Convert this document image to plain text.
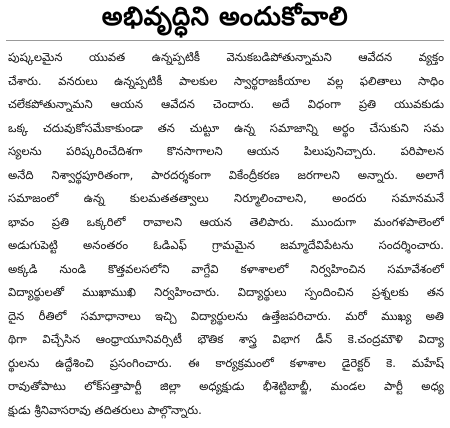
అభివృద్ధిని అందుకోవాలి
పుష్కలమైన యువత ఉన్నప్పటికీ వెనుకబడిపోతున్నామని ఆవేదన వ్యక్తం
చేశారు. వనరులు ఉన్నప్పటికీ పాలకుల స్వార్థరాజకీయాల వల్ల ఫలితాలు సాధిం
చలేకపోతున్నామని ఆయన ఆవేదన చెందారు. అదే విధంగా ప్రతి యువకుడు
ఒక్క చదువుకోసమేకాకుండా తన చుట్టూ ఉన్న సమాజాన్ని అర్థం చేసుకుని సమ
స్యలను పరిష్కరించేదిశగా కొనసాగాలని ఆయన పిలుపునిచ్చారు. పరిపాలన
అనేది నిశ్వార్థపూరితంగా, పారదర్శకంగా వికేంద్రీకరణ జరగాలని అన్నారు. అలాగే
సమాజంలో ఉన్న కులమతతత్వాలు నిర్మూలించాలని, అందరు సమానమనే
భావం ప్రతి ఒక్కరిలో రావాలని ఆయన తెలిపారు. ముందుగా మంగళపాలెంలో
అడుగుపెట్టి అనంతరం ఓడిఎఫ్ గ్రామమైన జమ్మాదేవిపేటను సందర్శించారు.
అక్కడి నుండి కొత్తవలసలోని వాగ్దేవి కళాశాలలో నిర్వహించిన సమావేశంలో
విద్యార్థులతో ముఖాముఖి నిర్వహించారు. విద్యార్థులు స్పందించిన ప్రశ్నలకు తన
దైన రీతిలో సమాధానాలు ఇచ్చి విద్యార్థులను ఉత్తేజపరిచారు. మరో ముఖ్య అతి
థిగా విచ్చేసిన ఆంధ్రాయూనివర్సిటీ భౌతిక శాస్త్ర విభాగ డీన్ కె.చంద్రమౌళి విద్యా
ర్థులను ఉద్దేశించి ప్రసంగించారు. ఈ కార్యక్రమంలో కళాశాల డైరెక్టర్ కె. మహేష్
రావుతోపాటు లోక్‌సత్తాపార్టీ జిల్లా అధ్యక్షుడు భీశెట్టిబాబ్జీ, మండల పార్టీ అధ్య
క్షుడు శ్రీనివాసరావు తదితరులు పాల్గొన్నారు.
